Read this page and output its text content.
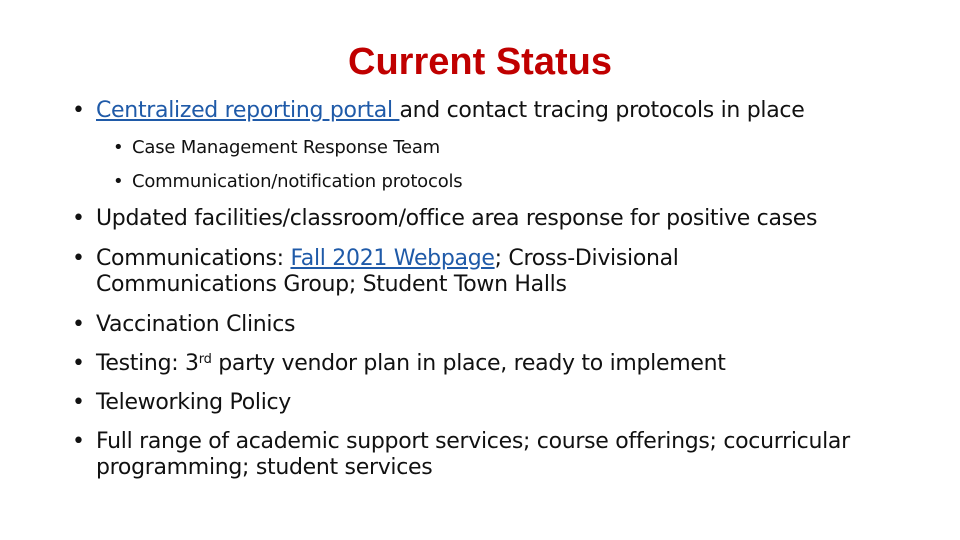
Current Status
• Centralized reporting portal and contact tracing protocols in place
• Case Management Response Team
• Communication/notification protocols
• Updated facilities/classroom/office area response for positive cases
• Communications: Fall 2021 Webpage; Cross-Divisional
Communications Group; Student Town Halls
• Vaccination Clinics
• Testing: 3rd party vendor plan in place, ready to implement
• Teleworking Policy
• Full range of academic support services; course offerings; cocurricular
programming; student services
